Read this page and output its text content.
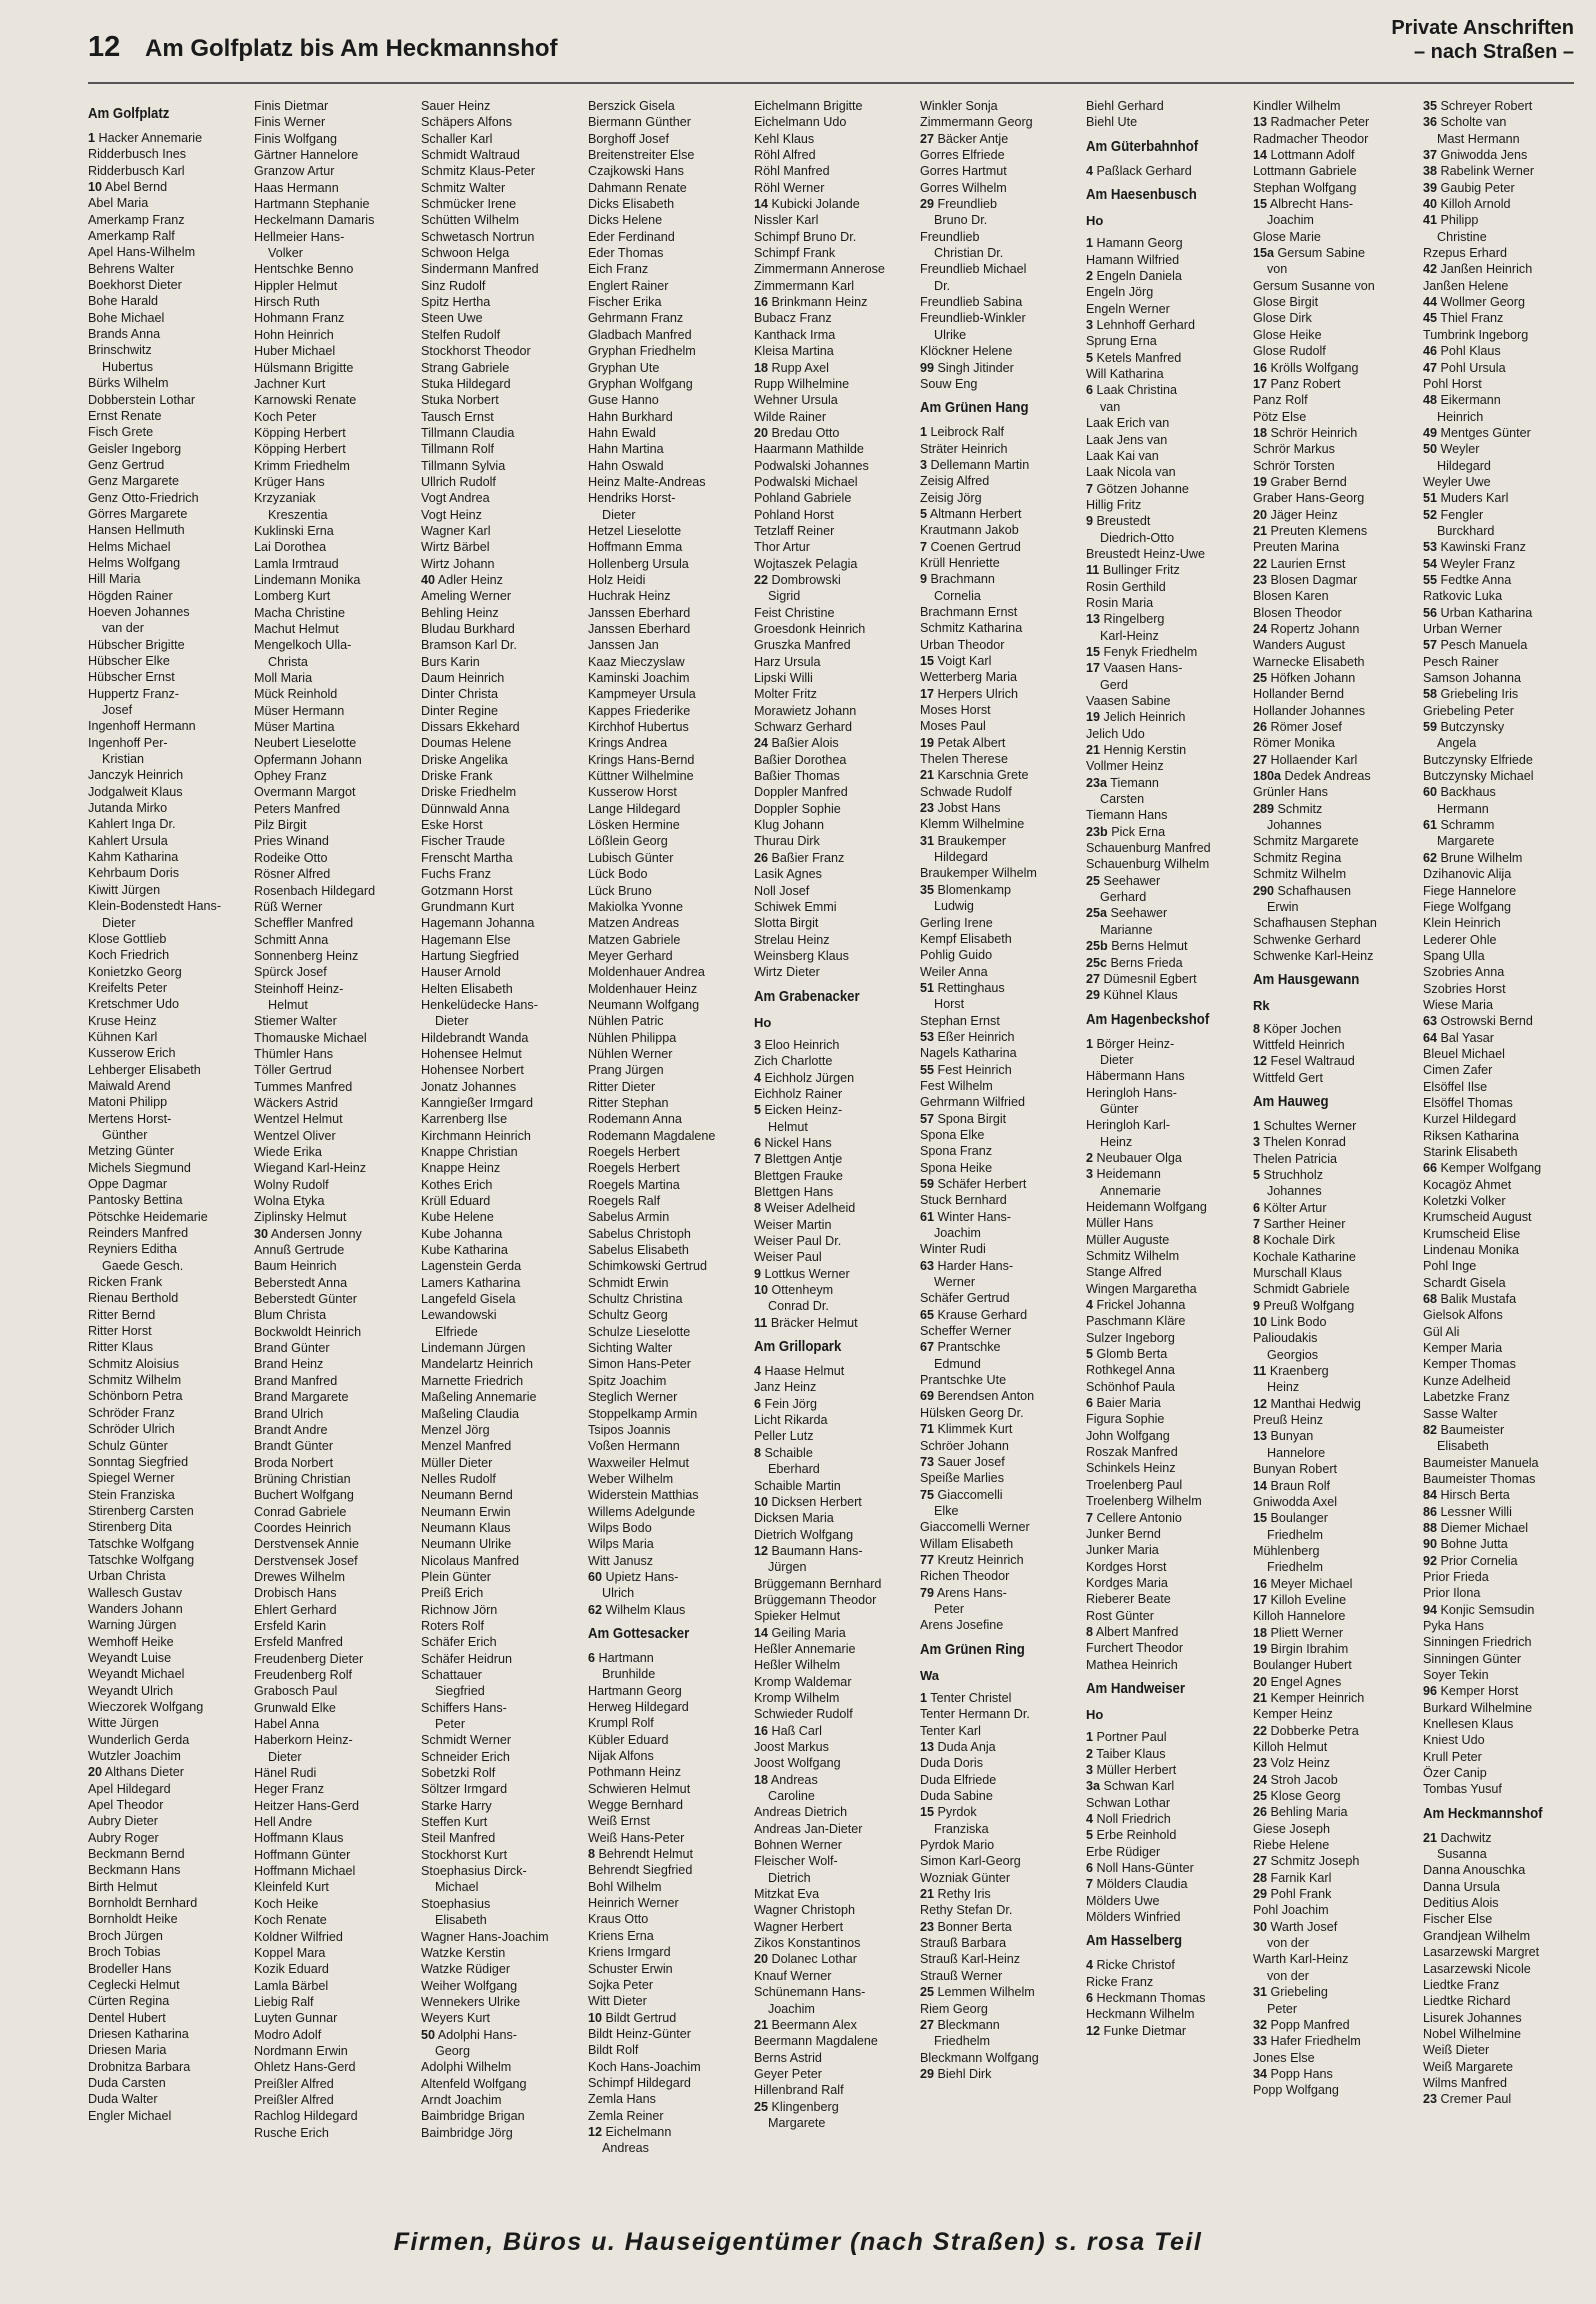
12 Am Golfplatz bis Am Heckmannshof
Private Anschriften
– nach Straßen –
Am Golfplatz
1 Hacker Annemarie
Ridderbusch Ines
Ridderbusch Karl
10 Abel Bernd
Abel Maria
Amerkamp Franz
Amerkamp Ralf
Apel Hans-Wilhelm
Behrens Walter
Boekhorst Dieter
Bohe Harald
Bohe Michael
Brands Anna
Brinschwitz
Hubertus
Bürks Wilhelm
Dobberstein Lothar
Ernst Renate
Fisch Grete
Geisler Ingeborg
Genz Gertrud
Genz Margarete
Genz Otto-Friedrich
Görres Margarete
Hansen Hellmuth
Helms Michael
Helms Wolfgang
Hill Maria
Högden Rainer
Hoeven Johannes
van der
Hübscher Brigitte
Hübscher Elke
Hübscher Ernst
Huppertz Franz-
Josef
Ingenhoff Hermann
Ingenhoff Per-
Kristian
Janczyk Heinrich
Jodgalweit Klaus
Jutanda Mirko
Kahlert Inga Dr.
Kahlert Ursula
Kahm Katharina
Kehrbaum Doris
Kiwitt Jürgen
Klein-Bodenstedt Hans-
Dieter
Klose Gottlieb
Koch Friedrich
Konietzko Georg
Kreifelts Peter
Kretschmer Udo
Kruse Heinz
Kühnen Karl
Kusserow Erich
Lehberger Elisabeth
Maiwald Arend
Matoni Philipp
Mertens Horst-
Günther
Metzing Günter
Michels Siegmund
Oppe Dagmar
Pantosky Bettina
Pötschke Heidemarie
Reinders Manfred
Reyniers Editha
Gaede Gesch.
Ricken Frank
Rienau Berthold
Ritter Bernd
Ritter Horst
Ritter Klaus
Schmitz Aloisius
Schmitz Wilhelm
Schönborn Petra
Schröder Franz
Schröder Ulrich
Schulz Günter
Sonntag Siegfried
Spiegel Werner
Stein Franziska
Stirenberg Carsten
Stirenberg Dita
Tatschke Wolfgang
Tatschke Wolfgang
Urban Christa
Wallesch Gustav
Wanders Johann
Warning Jürgen
Wemhoff Heike
Weyandt Luise
Weyandt Michael
Weyandt Ulrich
Wieczorek Wolfgang
Witte Jürgen
Wunderlich Gerda
Wutzler Joachim
20 Althans Dieter
Apel Hildegard
Apel Theodor
Aubry Dieter
Aubry Roger
Beckmann Bernd
Beckmann Hans
Birth Helmut
Bornholdt Bernhard
Bornholdt Heike
Broch Jürgen
Broch Tobias
Brodeller Hans
Ceglecki Helmut
Cürten Regina
Dentel Hubert
Driesen Katharina
Driesen Maria
Drobnitza Barbara
Duda Carsten
Duda Walter
Engler Michael
Finis Dietmar
Finis Werner
Finis Wolfgang
Gärtner Hannelore
Granzow Artur
Haas Hermann
Hartmann Stephanie
Heckelmann Damaris
Hellmeier Hans-
Volker
Hentschke Benno
Hippler Helmut
Hirsch Ruth
Hohmann Franz
Hohn Heinrich
Huber Michael
Hülsmann Brigitte
Jachner Kurt
Karnowski Renate
Koch Peter
Köpping Herbert
Köpping Herbert
Krimm Friedhelm
Krüger Hans
Krzyzaniak
Kreszentia
Kuklinski Erna
Lai Dorothea
Lamla Irmtraud
Lindemann Monika
Lomberg Kurt
Macha Christine
Machut Helmut
Mengelkoch Ulla-
Christa
Moll Maria
Mück Reinhold
Müser Hermann
Müser Martina
Neubert Lieselotte
Opfermann Johann
Ophey Franz
Overmann Margot
Peters Manfred
Pilz Birgit
Pries Winand
Rodeike Otto
Rösner Alfred
Rosenbach Hildegard
Rüß Werner
Scheffler Manfred
Schmitt Anna
Sonnenberg Heinz
Spürck Josef
Steinhoff Heinz-
Helmut
Stiemer Walter
Thomauske Michael
Thümler Hans
Töller Gertrud
Tummes Manfred
Wäckers Astrid
Wentzel Helmut
Wentzel Oliver
Wiede Erika
Wiegand Karl-Heinz
Wolny Rudolf
Wolna Etyka
Ziplinsky Helmut
30 Andersen Jonny
Annuß Gertrude
Baum Heinrich
Beberstedt Anna
Beberstedt Günter
Blum Christa
Bockwoldt Heinrich
Brand Günter
Brand Heinz
Brand Manfred
Brand Margarete
Brand Ulrich
Brandt Andre
Brandt Günter
Broda Norbert
Brüning Christian
Buchert Wolfgang
Conrad Gabriele
Coordes Heinrich
Derstvensek Annie
Derstvensek Josef
Drewes Wilhelm
Drobisch Hans
Ehlert Gerhard
Ersfeld Karin
Ersfeld Manfred
Freudenberg Dieter
Freudenberg Rolf
Grabosch Paul
Grunwald Elke
Habel Anna
Haberkorn Heinz-
Dieter
Hänel Rudi
Heger Franz
Heitzer Hans-Gerd
Hell Andre
Hoffmann Klaus
Hoffmann Günter
Hoffmann Michael
Kleinfeld Kurt
Koch Heike
Koch Renate
Koldner Wilfried
Koppel Mara
Kozik Eduard
Lamla Bärbel
Liebig Ralf
Luyten Gunnar
Modro Adolf
Nordmann Erwin
Ohletz Hans-Gerd
Preißler Alfred
Preißler Alfred
Rachlog Hildegard
Rusche Erich
Sauer Heinz
Schäpers Alfons
Schaller Karl
Schmidt Waltraud
Schmitz Klaus-Peter
Schmitz Walter
Schmücker Irene
Schütten Wilhelm
Schwetasch Nortrun
Schwoon Helga
Sindermann Manfred
Sinz Rudolf
Spitz Hertha
Steen Uwe
Stelfen Rudolf
Stockhorst Theodor
Strang Gabriele
Stuka Hildegard
Stuka Norbert
Tausch Ernst
Tillmann Claudia
Tillmann Rolf
Tillmann Sylvia
Ullrich Rudolf
Vogt Andrea
Vogt Heinz
Wagner Karl
Wirtz Bärbel
Wirtz Johann
40 Adler Heinz
Ameling Werner
Behling Heinz
Bludau Burkhard
Bramson Karl Dr.
Burs Karin
Daum Heinrich
Dinter Christa
Dinter Regine
Dissars Ekkehard
Doumas Helene
Driske Angelika
Driske Frank
Driske Friedhelm
Dünnwald Anna
Eske Horst
Fischer Traude
Frenscht Martha
Fuchs Franz
Gotzmann Horst
Grundmann Kurt
Hagemann Johanna
Hagemann Else
Hartung Siegfried
Hauser Arnold
Helten Elisabeth
Henkelüdecke Hans-
Dieter
Hildebrandt Wanda
Hohensee Helmut
Hohensee Norbert
Jonatz Johannes
Kanngießer Irmgard
Karrenberg Ilse
Kirchmann Heinrich
Knappe Christian
Knappe Heinz
Kothes Erich
Krüll Eduard
Kube Helene
Kube Johanna
Kube Katharina
Lagenstein Gerda
Lamers Katharina
Langefeld Gisela
Lewandowski
Elfriede
Lindemann Jürgen
Mandelartz Heinrich
Marnette Friedrich
Maßeling Annemarie
Maßeling Claudia
Menzel Jörg
Menzel Manfred
Müller Dieter
Nelles Rudolf
Neumann Bernd
Neumann Erwin
Neumann Klaus
Neumann Ulrike
Nicolaus Manfred
Plein Günter
Preiß Erich
Richnow Jörn
Roters Rolf
Schäfer Erich
Schäfer Heidrun
Schattauer
Siegfried
Schiffers Hans-
Peter
Schmidt Werner
Schneider Erich
Sobetzki Rolf
Söltzer Irmgard
Starke Harry
Steffen Kurt
Steil Manfred
Stockhorst Kurt
Stoephasius Dirck-
Michael
Stoephasius
Elisabeth
Wagner Hans-Joachim
Watzke Kerstin
Watzke Rüdiger
Weiher Wolfgang
Wennekers Ulrike
Weyers Kurt
50 Adolphi Hans-
Georg
Adolphi Wilhelm
Altenfeld Wolfgang
Arndt Joachim
Baimbridge Brigan
Baimbridge Jörg
Berszick Gisela
Biermann Günther
Borghoff Josef
Breitenstreiter Else
Czajkowski Hans
Dahmann Renate
Dicks Elisabeth
Dicks Helene
Eder Ferdinand
Eder Thomas
Eich Franz
Englert Rainer
Fischer Erika
Gehrmann Franz
Gladbach Manfred
Gryphan Friedhelm
Gryphan Ute
Gryphan Wolfgang
Guse Hanno
Hahn Burkhard
Hahn Ewald
Hahn Martina
Hahn Oswald
Heinz Malte-Andreas
Hendriks Horst-
Dieter
Hetzel Lieselotte
Hoffmann Emma
Hollenberg Ursula
Holz Heidi
Huchrak Heinz
Janssen Eberhard
Janssen Eberhard
Janssen Jan
Kaaz Mieczyslaw
Kaminski Joachim
Kampmeyer Ursula
Kappes Friederike
Kirchhof Hubertus
Krings Andrea
Krings Hans-Bernd
Küttner Wilhelmine
Kusserow Horst
Lange Hildegard
Lösken Hermine
Lößlein Georg
Lubisch Günter
Lück Bodo
Lück Bruno
Makiolka Yvonne
Matzen Andreas
Matzen Gabriele
Meyer Gerhard
Moldenhauer Andrea
Moldenhauer Heinz
Neumann Wolfgang
Nühlen Patric
Nühlen Philippa
Nühlen Werner
Prang Jürgen
Ritter Dieter
Ritter Stephan
Rodemann Anna
Rodemann Magdalene
Roegels Herbert
Roegels Herbert
Roegels Martina
Roegels Ralf
Sabelus Armin
Sabelus Christoph
Sabelus Elisabeth
Schimkowski Gertrud
Schmidt Erwin
Schultz Christina
Schultz Georg
Schulze Lieselotte
Sichting Walter
Simon Hans-Peter
Spitz Joachim
Steglich Werner
Stoppelkamp Armin
Tsipos Joannis
Voßen Hermann
Waxweiler Helmut
Weber Wilhelm
Widerstein Matthias
Willems Adelgunde
Wilps Bodo
Wilps Maria
Witt Janusz
60 Upietz Hans-
Ulrich
62 Wilhelm Klaus
Am Gottesacker
6 Hartmann
Brunhilde
Hartmann Georg
Herweg Hildegard
Krumpl Rolf
Kübler Eduard
Nijak Alfons
Pothmann Heinz
Schwieren Helmut
Wegge Bernhard
Weiß Ernst
Weiß Hans-Peter
8 Behrendt Helmut
Behrendt Siegfried
Bohl Wilhelm
Heinrich Werner
Kraus Otto
Kriens Erna
Kriens Irmgard
Schuster Erwin
Sojka Peter
Witt Dieter
10 Bildt Gertrud
Bildt Heinz-Günter
Bildt Rolf
Koch Hans-Joachim
Schimpf Hildegard
Zemla Hans
Zemla Reiner
12 Eichelmann
Andreas
Eichelmann Brigitte
Eichelmann Udo
Kehl Klaus
Röhl Alfred
Röhl Manfred
Röhl Werner
14 Kubicki Jolande
Nissler Karl
Schimpf Bruno Dr.
Schimpf Frank
Zimmermann Annerose
Zimmermann Karl
16 Brinkmann Heinz
Bubacz Franz
Kanthack Irma
Kleisa Martina
18 Rupp Axel
Rupp Wilhelmine
Wehner Ursula
Wilde Rainer
20 Bredau Otto
Haarmann Mathilde
Podwalski Johannes
Podwalski Michael
Pohland Gabriele
Pohland Horst
Tetzlaff Reiner
Thor Artur
Wojtaszek Pelagia
22 Dombrowski
Sigrid
Feist Christine
Groesdonk Heinrich
Gruszka Manfred
Harz Ursula
Lipski Willi
Molter Fritz
Morawietz Johann
Schwarz Gerhard
24 Baßier Alois
Baßier Dorothea
Baßier Thomas
Doppler Manfred
Doppler Sophie
Klug Johann
Thurau Dirk
26 Baßier Franz
Lasik Agnes
Noll Josef
Schiwek Emmi
Slotta Birgit
Strelau Heinz
Weinsberg Klaus
Wirtz Dieter
Am Grabenacker
Ho
3 Eloo Heinrich
Zich Charlotte
4 Eichholz Jürgen
Eichholz Rainer
5 Eicken Heinz-
Helmut
6 Nickel Hans
7 Blettgen Antje
Blettgen Frauke
Blettgen Hans
8 Weiser Adelheid
Weiser Martin
Weiser Paul Dr.
Weiser Paul
9 Lottkus Werner
10 Ottenheym
Conrad Dr.
11 Bräcker Helmut
Am Grillopark
4 Haase Helmut
Janz Heinz
6 Fein Jörg
Licht Rikarda
Peller Lutz
8 Schaible
Eberhard
Schaible Martin
10 Dicksen Herbert
Dicksen Maria
Dietrich Wolfgang
12 Baumann Hans-
Jürgen
Brüggemann Bernhard
Brüggemann Theodor
Spieker Helmut
14 Geiling Maria
Heßler Annemarie
Heßler Wilhelm
Kromp Waldemar
Kromp Wilhelm
Schwieder Rudolf
16 Haß Carl
Joost Markus
Joost Wolfgang
18 Andreas
Caroline
Andreas Dietrich
Andreas Jan-Dieter
Bohnen Werner
Fleischer Wolf-
Dietrich
Mitzkat Eva
Wagner Christoph
Wagner Herbert
Zikos Konstantinos
20 Dolanec Lothar
Knauf Werner
Schünemann Hans-
Joachim
21 Beermann Alex
Beermann Magdalene
Berns Astrid
Geyer Peter
Hillenbrand Ralf
25 Klingenberg
Margarete
Winkler Sonja
Zimmermann Georg
27 Bäcker Antje
Gorres Elfriede
Gorres Hartmut
Gorres Wilhelm
29 Freundlieb
Bruno Dr.
Freundlieb
Christian Dr.
Freundlieb Michael
Dr.
Freundlieb Sabina
Freundlieb-Winkler
Ulrike
Klöckner Helene
99 Singh Jitinder
Souw Eng
Am Grünen Hang
1 Leibrock Ralf
Sträter Heinrich
3 Dellemann Martin
Zeisig Alfred
Zeisig Jörg
5 Altmann Herbert
Krautmann Jakob
7 Coenen Gertrud
Krüll Henriette
9 Brachmann
Cornelia
Brachmann Ernst
Schmitz Katharina
Urban Theodor
15 Voigt Karl
Wetterberg Maria
17 Herpers Ulrich
Moses Horst
Moses Paul
19 Petak Albert
Thelen Therese
21 Karschnia Grete
Schwade Rudolf
23 Jobst Hans
Klemm Wilhelmine
31 Braukemper
Hildegard
Braukemper Wilhelm
35 Blomenkamp
Ludwig
Gerling Irene
Kempf Elisabeth
Pohlig Guido
Weiler Anna
51 Rettinghaus
Horst
Stephan Ernst
53 Eßer Heinrich
Nagels Katharina
55 Fest Heinrich
Fest Wilhelm
Gehrmann Wilfried
57 Spona Birgit
Spona Elke
Spona Franz
Spona Heike
59 Schäfer Herbert
Stuck Bernhard
61 Winter Hans-
Joachim
Winter Rudi
63 Harder Hans-
Werner
Schäfer Gertrud
65 Krause Gerhard
Scheffer Werner
67 Prantschke
Edmund
Prantschke Ute
69 Berendsen Anton
Hülsken Georg Dr.
71 Klimmek Kurt
Schröer Johann
73 Sauer Josef
Speiße Marlies
75 Giaccomelli
Elke
Giaccomelli Werner
Willam Elisabeth
77 Kreutz Heinrich
Richen Theodor
79 Arens Hans-
Peter
Arens Josefine
Am Grünen Ring
Wa
1 Tenter Christel
Tenter Hermann Dr.
Tenter Karl
13 Duda Anja
Duda Doris
Duda Elfriede
Duda Sabine
15 Pyrdok
Franziska
Pyrdok Mario
Simon Karl-Georg
Wozniak Günter
21 Rethy Iris
Rethy Stefan Dr.
23 Bonner Berta
Strauß Barbara
Strauß Karl-Heinz
Strauß Werner
25 Lemmen Wilhelm
Riem Georg
27 Bleckmann
Friedhelm
Bleckmann Wolfgang
29 Biehl Dirk
Biehl Gerhard
Biehl Ute
Am Güterbahnhof
4 Paßlack Gerhard
Am Haesenbusch
Ho
1 Hamann Georg
Hamann Wilfried
2 Engeln Daniela
Engeln Jörg
Engeln Werner
3 Lehnhoff Gerhard
Sprung Erna
5 Ketels Manfred
Will Katharina
6 Laak Christina
van
Laak Erich van
Laak Jens van
Laak Kai van
Laak Nicola van
7 Götzen Johanne
Hillig Fritz
9 Breustedt
Diedrich-Otto
Breustedt Heinz-Uwe
11 Bullinger Fritz
Rosin Gerthild
Rosin Maria
13 Ringelberg
Karl-Heinz
15 Fenyk Friedhelm
17 Vaasen Hans-
Gerd
Vaasen Sabine
19 Jelich Heinrich
Jelich Udo
21 Hennig Kerstin
Vollmer Heinz
23a Tiemann
Carsten
Tiemann Hans
23b Pick Erna
Schauenburg Manfred
Schauenburg Wilhelm
25 Seehawer
Gerhard
25a Seehawer
Marianne
25b Berns Helmut
25c Berns Frieda
27 Dümesnil Egbert
29 Kühnel Klaus
Am Hagenbeckshof
1 Börger Heinz-
Dieter
Häbermann Hans
Heringloh Hans-
Günter
Heringloh Karl-
Heinz
2 Neubauer Olga
3 Heidemann
Annemarie
Heidemann Wolfgang
Müller Hans
Müller Auguste
Schmitz Wilhelm
Stange Alfred
Wingen Margaretha
4 Frickel Johanna
Paschmann Kläre
Sulzer Ingeborg
5 Glomb Berta
Rothkegel Anna
Schönhof Paula
6 Baier Maria
Figura Sophie
John Wolfgang
Roszak Manfred
Schinkels Heinz
Troelenberg Paul
Troelenberg Wilhelm
7 Cellere Antonio
Junker Bernd
Junker Maria
Kordges Horst
Kordges Maria
Rieberer Beate
Rost Günter
8 Albert Manfred
Furchert Theodor
Mathea Heinrich
Am Handweiser
Ho
1 Portner Paul
2 Taiber Klaus
3 Müller Herbert
3a Schwan Karl
Schwan Lothar
4 Noll Friedrich
5 Erbe Reinhold
Erbe Rüdiger
6 Noll Hans-Günter
7 Mölders Claudia
Mölders Uwe
Mölders Winfried
Am Hasselberg
4 Ricke Christof
Ricke Franz
6 Heckmann Thomas
Heckmann Wilhelm
12 Funke Dietmar
Kindler Wilhelm
13 Radmacher Peter
Radmacher Theodor
14 Lottmann Adolf
Lottmann Gabriele
Stephan Wolfgang
15 Albrecht Hans-
Joachim
Glose Marie
15a Gersum Sabine
von
Gersum Susanne von
Glose Birgit
Glose Dirk
Glose Heike
Glose Rudolf
16 Krölls Wolfgang
17 Panz Robert
Panz Rolf
Pötz Else
18 Schrör Heinrich
Schrör Markus
Schrör Torsten
19 Graber Bernd
Graber Hans-Georg
20 Jäger Heinz
21 Preuten Klemens
Preuten Marina
22 Laurien Ernst
23 Blosen Dagmar
Blosen Karen
Blosen Theodor
24 Ropertz Johann
Wanders August
Warnecke Elisabeth
25 Höfken Johann
Hollander Bernd
Hollander Johannes
26 Römer Josef
Römer Monika
27 Hollaender Karl
180a Dedek Andreas
Grünler Hans
289 Schmitz
Johannes
Schmitz Margarete
Schmitz Regina
Schmitz Wilhelm
290 Schafhausen
Erwin
Schafhausen Stephan
Schwenke Gerhard
Schwenke Karl-Heinz
Am Hausgewann
Rk
8 Köper Jochen
Wittfeld Heinrich
12 Fesel Waltraud
Wittfeld Gert
Am Hauweg
1 Schultes Werner
3 Thelen Konrad
Thelen Patricia
5 Struchholz
Johannes
6 Költer Artur
7 Sarther Heiner
8 Kochale Dirk
Kochale Katharine
Murschall Klaus
Schmidt Gabriele
9 Preuß Wolfgang
10 Link Bodo
Palioudakis
Georgios
11 Kraenberg
Heinz
12 Manthai Hedwig
Preuß Heinz
13 Bunyan
Hannelore
Bunyan Robert
14 Braun Rolf
Gniwodda Axel
15 Boulanger
Friedhelm
Mühlenberg
Friedhelm
16 Meyer Michael
17 Killoh Eveline
Killoh Hannelore
18 Pliett Werner
19 Birgin Ibrahim
Boulanger Hubert
20 Engel Agnes
21 Kemper Heinrich
Kemper Heinz
22 Dobberke Petra
Killoh Helmut
23 Volz Heinz
24 Stroh Jacob
25 Klose Georg
26 Behling Maria
Giese Joseph
Riebe Helene
27 Schmitz Joseph
28 Farnik Karl
29 Pohl Frank
Pohl Joachim
30 Warth Josef
von der
Warth Karl-Heinz
von der
31 Griebeling
Peter
32 Popp Manfred
33 Hafer Friedhelm
Jones Else
34 Popp Hans
Popp Wolfgang
35 Schreyer Robert
36 Scholte van
Mast Hermann
37 Gniwodda Jens
38 Rabelink Werner
39 Gaubig Peter
40 Killoh Arnold
41 Philipp
Christine
Rzepus Erhard
42 Janßen Heinrich
Janßen Helene
44 Wollmer Georg
45 Thiel Franz
Tumbrink Ingeborg
46 Pohl Klaus
47 Pohl Ursula
Pohl Horst
48 Eikermann
Heinrich
49 Mentges Günter
50 Weyler
Hildegard
Weyler Uwe
51 Muders Karl
52 Fengler
Burckhard
53 Kawinski Franz
54 Weyler Franz
55 Fedtke Anna
Ratkovic Luka
56 Urban Katharina
Urban Werner
57 Pesch Manuela
Pesch Rainer
Samson Johanna
58 Griebeling Iris
Griebeling Peter
59 Butczynsky
Angela
Butczynsky Elfriede
Butczynsky Michael
60 Backhaus
Hermann
61 Schramm
Margarete
62 Brune Wilhelm
Dzihanovic Alija
Fiege Hannelore
Fiege Wolfgang
Klein Heinrich
Lederer Ohle
Spang Ulla
Szobries Anna
Szobries Horst
Wiese Maria
63 Ostrowski Bernd
64 Bal Yasar
Bleuel Michael
Cimen Zafer
Elsöffel Ilse
Elsöffel Thomas
Kurzel Hildegard
Riksen Katharina
Starink Elisabeth
66 Kemper Wolfgang
Kocagöz Ahmet
Koletzki Volker
Krumscheid August
Krumscheid Elise
Lindenau Monika
Pohl Inge
Schardt Gisela
68 Balik Mustafa
Gielsok Alfons
Gül Ali
Kemper Maria
Kemper Thomas
Kunze Adelheid
Labetzke Franz
Sasse Walter
82 Baumeister
Elisabeth
Baumeister Manuela
Baumeister Thomas
84 Hirsch Berta
86 Lessner Willi
88 Diemer Michael
90 Bohne Jutta
92 Prior Cornelia
Prior Frieda
Prior Ilona
94 Konjic Semsudin
Pyka Hans
Sinningen Friedrich
Sinningen Günter
Soyer Tekin
96 Kemper Horst
Burkard Wilhelmine
Knellesen Klaus
Kniest Udo
Krull Peter
Özer Canip
Tombas Yusuf
Am Heckmannshof
21 Dachwitz
Susanna
Danna Anouschka
Danna Ursula
Deditius Alois
Fischer Else
Grandjean Wilhelm
Lasarzewski Margret
Lasarzewski Nicole
Liedtke Franz
Liedtke Richard
Lisurek Johannes
Nobel Wilhelmine
Weiß Dieter
Weiß Margarete
Wilms Manfred
23 Cremer Paul
Firmen, Büros u. Hauseigentümer (nach Straßen) s. rosa Teil
